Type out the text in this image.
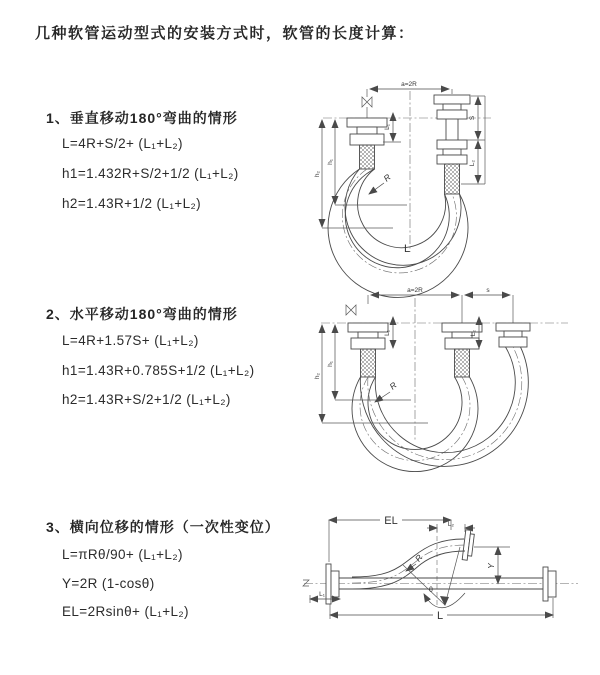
几种软管运动型式的安装方式时，软管的长度计算：
1、垂直移动180°弯曲的情形
L=4R+S/2+ (L₁+L₂)
h1=1.432R+S/2+1/2 (L₁+L₂)
h2=1.43R+1/2 (L₁+L₂)
2、水平移动180°弯曲的情形
L=4R+1.57S+ (L₁+L₂)
h1=1.43R+0.785S+1/2 (L₁+L₂)
h2=1.43R+S/2+1/2 (L₁+L₂)
3、横向位移的情形（一次性变位）
L=πRθ/90+ (L₁+L₂)
Y=2R (1-cosθ)
EL=2Rsinθ+ (L₁+L₂)
a=2R
h₂
h₁
L₁
S
L₂
R
L
a=2R	s
h₂
h₁
L₁	L₂
R
EL	L₂
Y
θ
R
L
L₁
